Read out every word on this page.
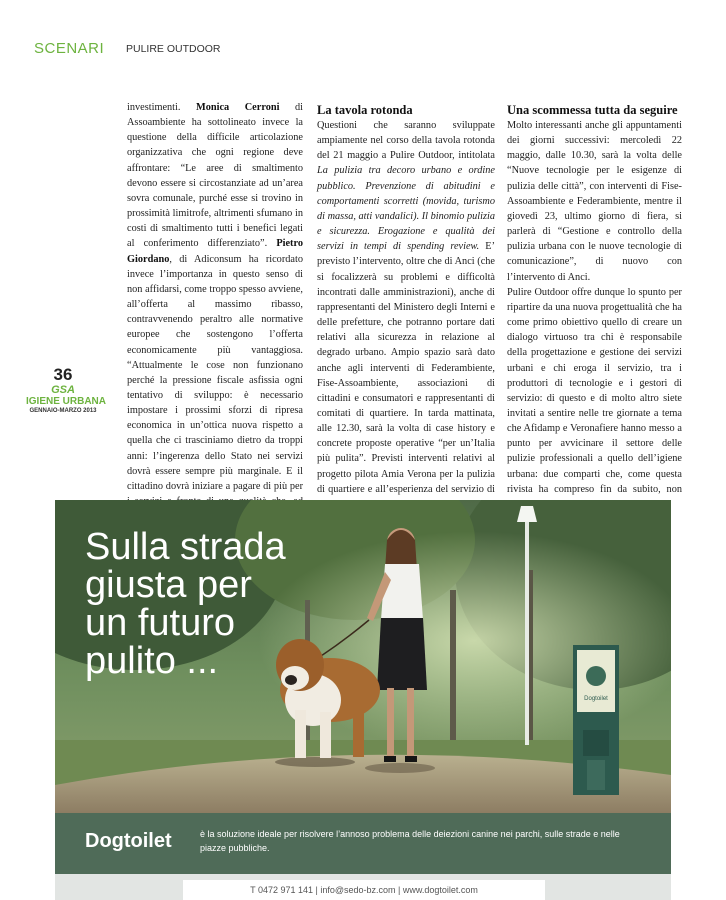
SCENARI PULIRE OUTDOOR
36
GSA
IGIENE URBANA
GENNAIO-MARZO 2013

investimenti. Monica Cerroni di Assoambiente ha sottolineato invece la questione della difficile articolazione organizzativa che ogni regione deve affrontare: “Le aree di smaltimento devono essere si circostanziate ad un’area sovra comunale, purché esse si trovino in prossimità limitrofe, altrimenti sfumano in costi di smaltimento tutti i benefici legati al conferimento differenziato”. Pietro Giordano, di Adiconsum ha ricordato invece l’importanza in questo senso di non affidarsi, come troppo spesso avviene, all’offerta al massimo ribasso, contravvenendo peraltro alle normative europee che sostengono l’offerta economicamente più vantaggiosa. “Attualmente le cose non funzionano perché la pressione fiscale asfissia ogni tentativo di sviluppo: è necessario impostare i prossimi sforzi di ripresa economica in un’ottica nuova rispetto a quella che ci trasciniamo dietro da troppi anni: l’ingerenza dello Stato nei servizi dovrà essere sempre più marginale. E il cittadino dovrà iniziare a pagare di più per

La tavola rotonda

Questioni che saranno sviluppate ampiamente nel corso della tavola rotonda del 21 maggio a Pulire Outdoor, intitolata La pulizia tra decoro urbano e ordine pubblico. Prevenzione di abitudini e comportamenti scorretti (movida, turismo di massa, atti vandalici). Il binomio pulizia e sicurezza. Erogazione e qualità dei servizi in tempi di spending review. E’ previsto l’intervento, oltre che di Anci (che si focalizzerà su problemi e difficoltà incontrati dalle amministrazioni), anche di rappresentanti del Ministero degli Interni e delle prefetture, che potranno portare dati relativi alla sicurezza in relazione al degrado urbano. Ampio spazio sarà dato anche agli interventi di Federambiente, Fise-Assoambiente, associazioni di cittadini e consumatori e rappresentanti di comitati di quartiere. In tarda mattinata, alle 12.30, sarà la volta di case history e concrete proposte operative “per un’Italia più pulita”. Previsti interventi relativi al progetto pilota Amia Verona per la pulizia di quartiere e all’esperienza del servizio di

Una scommessa tutta da seguire

Molto interessanti anche gli appuntamenti dei giorni successivi: mercoledì 22 maggio, dalle 10.30, sarà la volta delle “Nuove tecnologie per le esigenze di pulizia delle città”, con interventi di Fise-Assoambiente e Federambiente, mentre il giovedì 23, ultimo giorno di fiera, si parlerà di “Gestione e controllo della pulizia urbana con le nuove tecnologie di comunicazione”, di nuovo con l’intervento di Anci.

Pulire Outdoor offre dunque lo spunto per ripartire da una nuova progettualità che ha come primo obiettivo quello di creare un dialogo virtuoso tra chi è responsabile della progettazione e gestione dei servizi urbani e chi eroga il servizio, tra i produttori di tecnologie e i gestori di servizio: di questo e di molto altro siete invitati a sentire nelle tre giornate a tema che Afidamp e Veronafiere hanno messo a punto per avvicinare il settore delle pulizie professionali a quello dell’igiene urbana: due comparti che, come questa rivista ha compreso fin da subito, non

Dogtoilet
Sulla strada
giusta per
un futuro
pulito ...
Dogtoilet	è la soluzione ideale per risolvere l’annoso problema delle deiezioni canine nei parchi, sulle strade e nelle piazze pubbliche.
T 0472 971 141 | info@sedo-bz.com | www.dogtoilet.com
